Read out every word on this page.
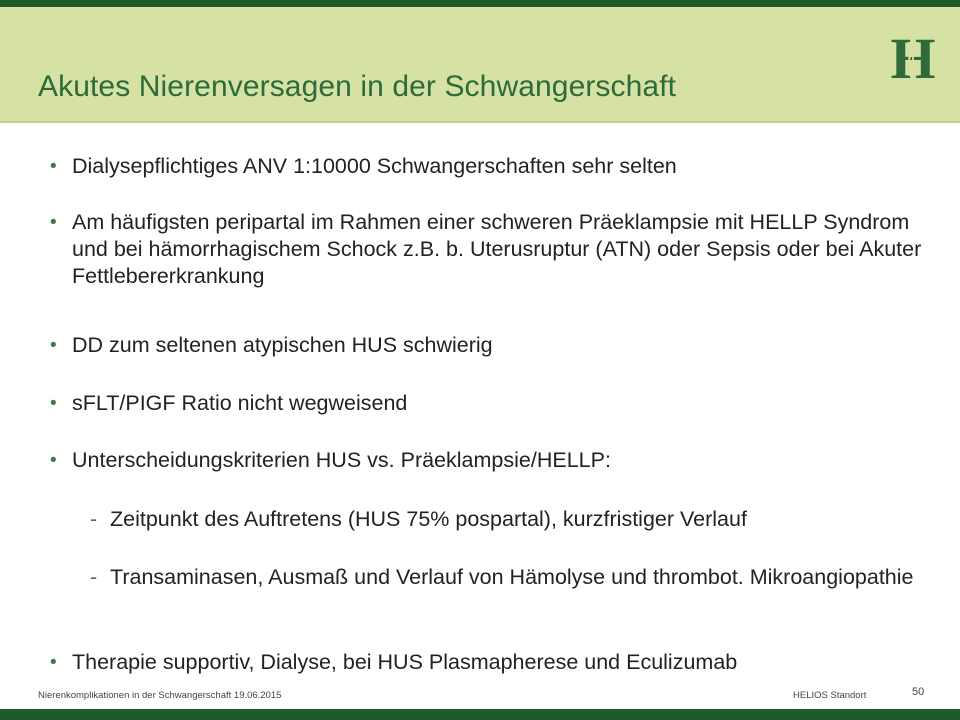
Akutes Nierenversagen in der Schwangerschaft	H
• Dialysepflichtiges ANV 1:10000 Schwangerschaften sehr selten
• Am häufigsten peripartal im Rahmen einer schweren Präeklampsie mit HELLP Syndrom und bei hämorrhagischem Schock z.B. b. Uterusruptur (ATN) oder Sepsis oder bei Akuter Fettlebererkrankung
• DD zum seltenen atypischen HUS schwierig
• sFLT/PIGF Ratio nicht wegweisend
• Unterscheidungskriterien HUS vs. Präeklampsie/HELLP:
- Zeitpunkt des Auftretens (HUS 75% pospartal), kurzfristiger Verlauf
- Transaminasen, Ausmaß und Verlauf von Hämolyse und thrombot. Mikroangiopathie
• Therapie supportiv, Dialyse, bei HUS Plasmapherese und Eculizumab
Nierenkomplikationen in der Schwangerschaft 19.06.2015	HELIOS Standort	50
